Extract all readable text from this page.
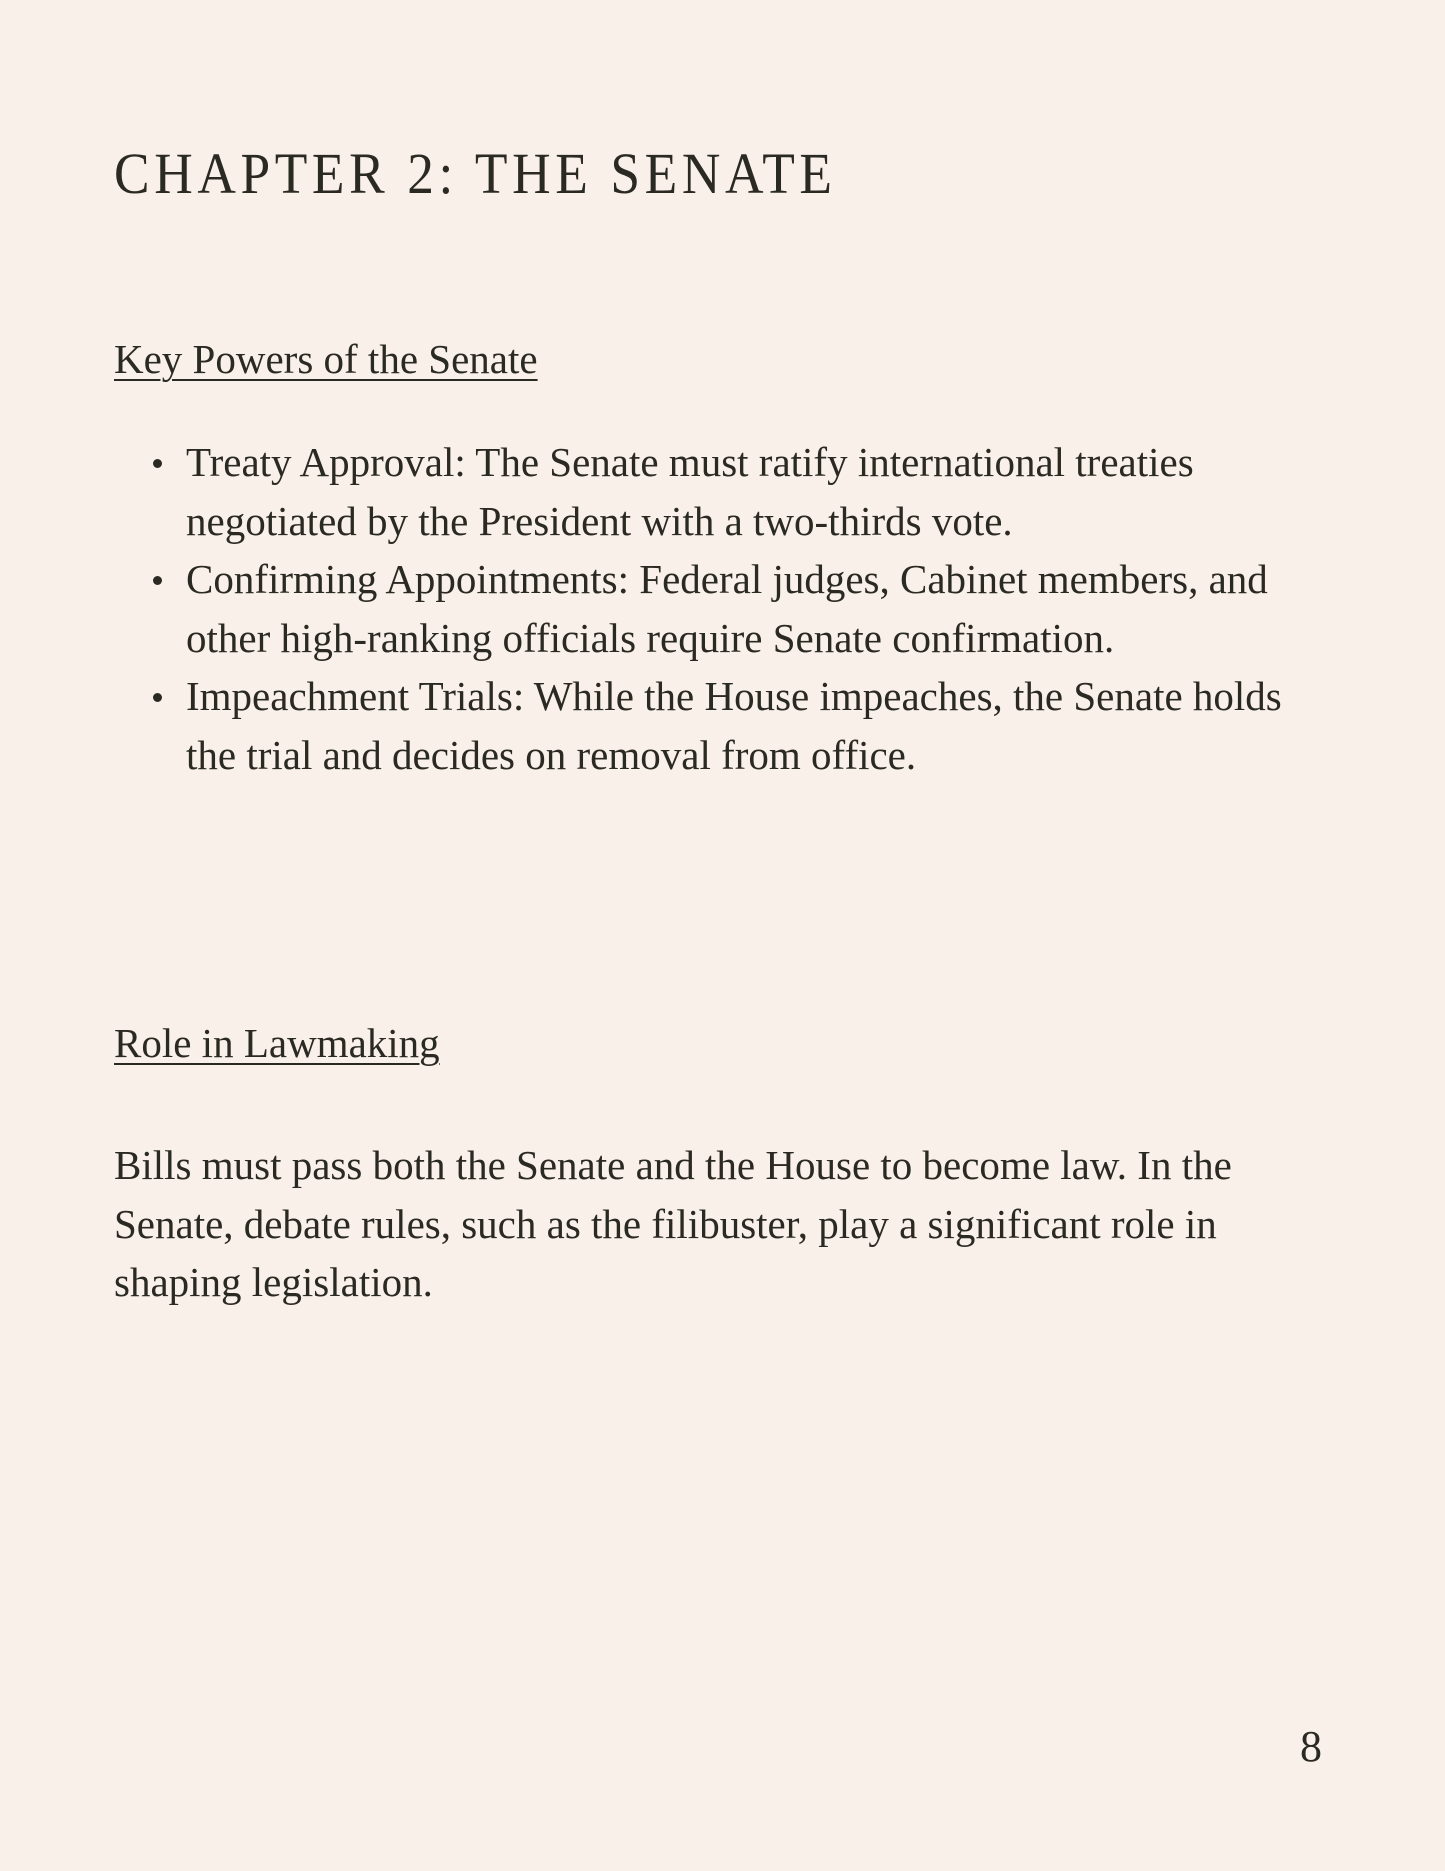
CHAPTER 2: THE SENATE
Key Powers of the Senate
Treaty Approval: The Senate must ratify international treaties negotiated by the President with a two-thirds vote.
Confirming Appointments: Federal judges, Cabinet members, and other high-ranking officials require Senate confirmation.
Impeachment Trials: While the House impeaches, the Senate holds the trial and decides on removal from office.
Role in Lawmaking

Bills must pass both the Senate and the House to become law. In the Senate, debate rules, such as the filibuster, play a significant role in shaping legislation.

8
